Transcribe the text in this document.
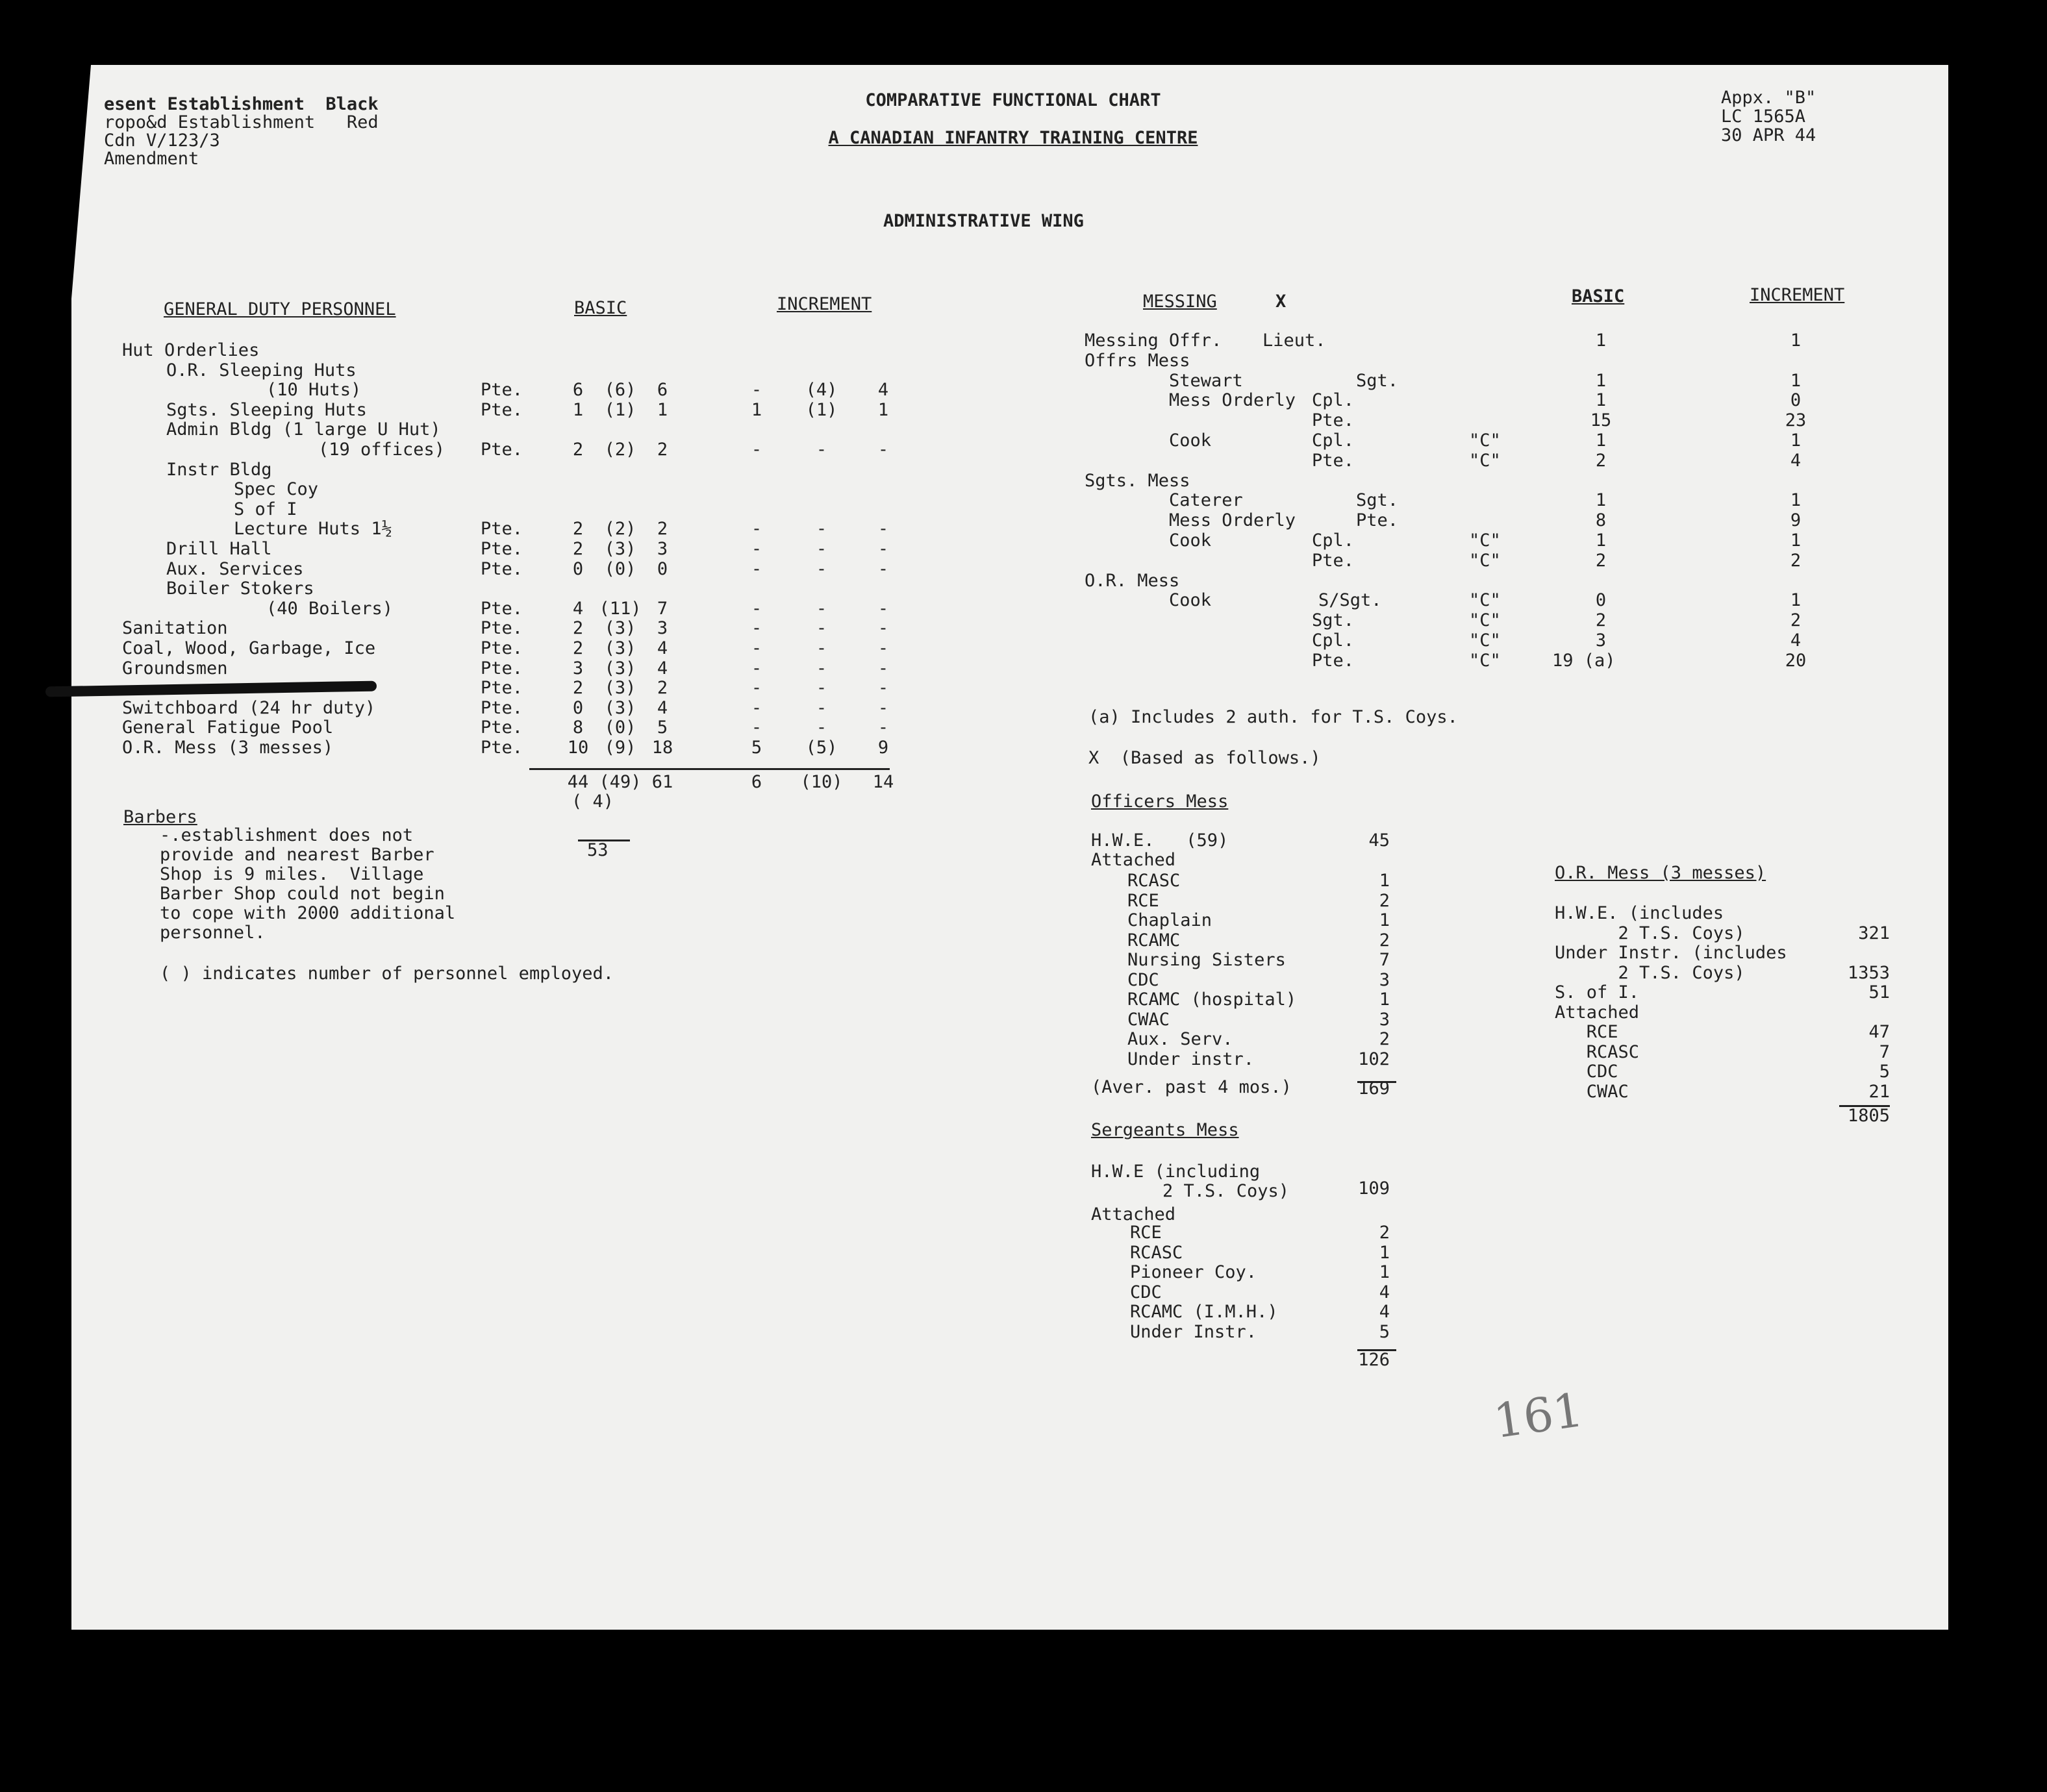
esent Establishment  Black
ropo&d Establishment   Red
Cdn V/123/3
Amendment
COMPARATIVE FUNCTIONAL CHART
A CANADIAN INFANTRY TRAINING CENTRE
Appx. "B"
LC 1565A
30 APR 44
ADMINISTRATIVE WING
GENERAL DUTY PERSONNEL	BASIC	INCREMENT
Hut Orderlies
O.R. Sleeping Huts
(10 Huts)	Pte.	6	(6)	6	-	(4)	4
Sgts. Sleeping Huts	Pte.	1	(1)	1	1	(1)	1
Admin Bldg (1 large U Hut)
(19 offices) Pte.	2	(2)	2	-	-	-
Instr Bldg
Spec Coy
S of I
Lecture Huts 1½	Pte.	2	(2)	2	-	-	-
Drill Hall	Pte.	2	(3)	3	-	-	-
Aux. Services	Pte.	0	(0)	0	-	-	-
Boiler Stokers
(40 Boilers)	Pte.	4 (11) 7	-	-	-
Sanitation	Pte.	2	(3)	3	-	-	-
Coal, Wood, Garbage, Ice	Pte.	2	(3)	4	-	-	-
Groundsmen	Pte.	3	(3)	4	-	-	-
Pte.	2	(3)	2	-	-	-
Switchboard (24 hr duty)	Pte.	0	(3)	4	-	-	-
General Fatigue Pool	Pte.	8	(0)	5	-	-	-
O.R. Mess (3 messes)	Pte.	10 (9) 18	5	(5)	9
44 (49) 61	6	(10)	14
( 4)
53
Barbers
-.establishment does not
provide and nearest Barber
Shop is 9 miles.  Village
Barber Shop could not begin
to cope with 2000 additional
personnel.
( ) indicates number of personnel employed.
MESSING	X	BASIC	INCREMENT
Messing Offr. Lieut.	1	1
Offrs Mess
Stewart	Sgt.	1	1
Mess Orderly Cpl.	1	0
Pte.	15	23
Cook	Cpl.	"C"	1	1
Pte.	"C"	2	4
Sgts. Mess
Caterer	Sgt.	1	1
Mess Orderly	Pte.	8	9
Cook	Cpl.	"C"	1	1
Pte.	"C"	2	2
O.R. Mess
Cook	S/Sgt.	"C"	0	1
Sgt.	"C"	2	2
Cpl.	"C"	3	4
Pte.	"C"	19 (a)	20
(a) Includes 2 auth. for T.S. Coys.
X  (Based as follows.)
Officers Mess
H.W.E.   (59)	45
Attached
RCASC	1
RCE	2
Chaplain	1
RCAMC	2
Nursing Sisters	7
CDC	3
RCAMC (hospital)	1
CWAC	3
Aux. Serv.	2
Under instr.	102
(Aver. past 4 mos.)	169
Sergeants Mess
H.W.E (including
2 T.S. Coys)	109
Attached
RCE	2
RCASC	1
Pioneer Coy.	1
CDC	4
RCAMC (I.M.H.)	4
Under Instr.	5
126
O.R. Mess (3 messes)
H.W.E. (includes
2 T.S. Coys)	321
Under Instr. (includes
2 T.S. Coys)	1353
S. of I.	51
Attached
RCE	47
RCASC	7
CDC	5
CWAC	21
1805
161
